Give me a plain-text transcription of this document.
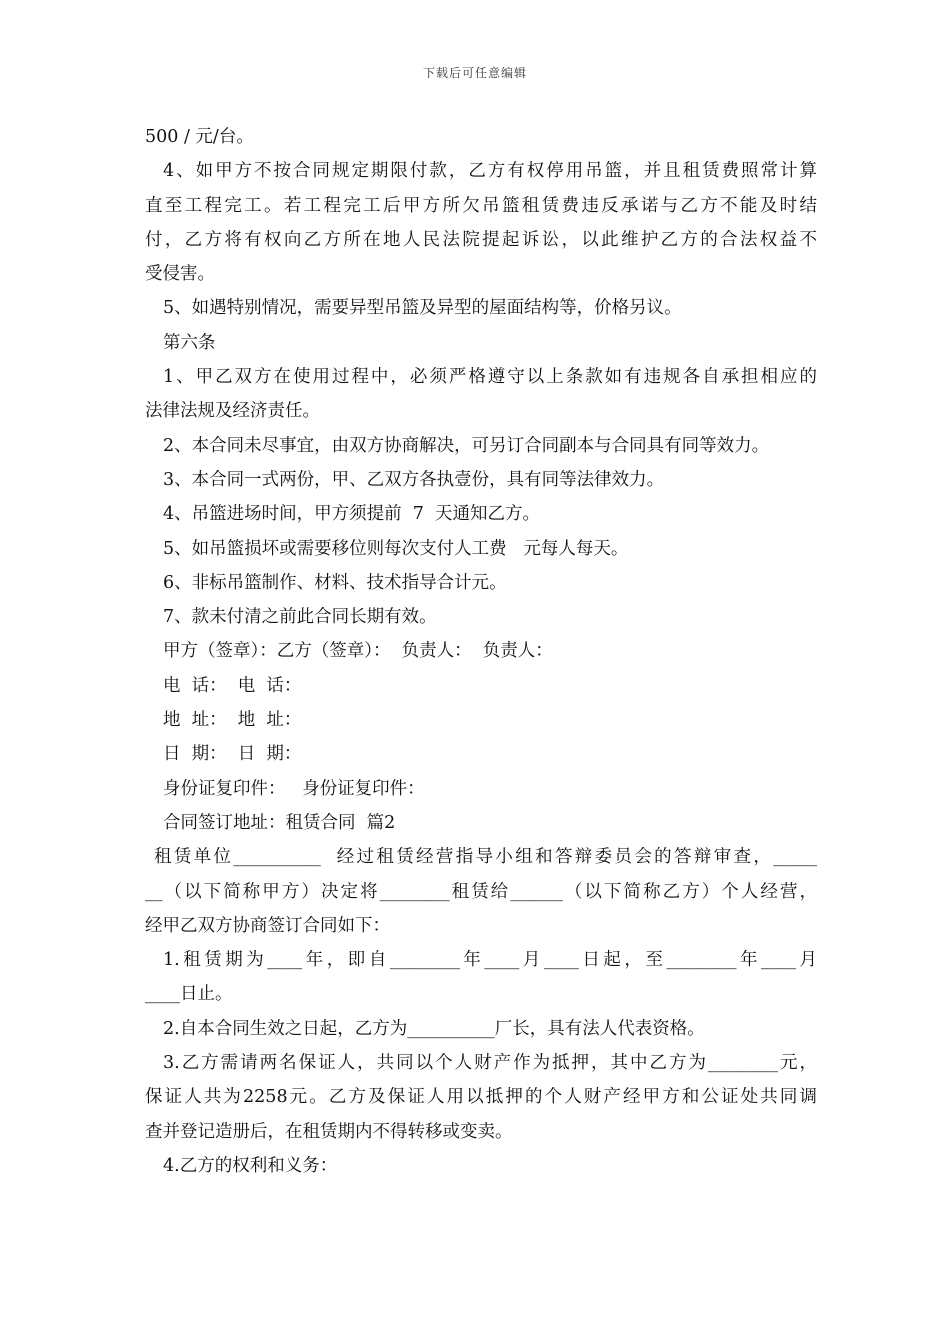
下载后可任意编辑
500 / 元/台。
4、如甲方不按合同规定期限付款，乙方有权停用吊篮，并且租赁费照常计算
直至工程完工。若工程完工后甲方所欠吊篮租赁费违反承诺与乙方不能及时结
付，乙方将有权向乙方所在地人民法院提起诉讼，以此维护乙方的合法权益不
受侵害。
5、如遇特别情况，需要异型吊篮及异型的屋面结构等，价格另议。
第六条
1、甲乙双方在使用过程中，必须严格遵守以上条款如有违规各自承担相应的
法律法规及经济责任。
2、本合同未尽事宜，由双方协商解决，可另订合同副本与合同具有同等效力。
3、本合同一式两份，甲、乙双方各执壹份，具有同等法律效力。
4、吊篮进场时间，甲方须提前  7  天通知乙方。
5、如吊篮损坏或需要移位则每次支付人工费   元每人每天。
6、非标吊篮制作、材料、技术指导合计元。
7、款未付清之前此合同长期有效。
甲方（签章）：乙方（签章）：  负责人：  负责人：
电  话：  电  话：
地  址：  地  址：
日  期：  日  期：
身份证复印件：   身份证复印件：
合同签订地址：租赁合同  篇2
租赁单位__________  经过租赁经营指导小组和答辩委员会的答辩审查，_____
__（以下简称甲方）决定将________租赁给______（以下简称乙方）个人经营，
经甲乙双方协商签订合同如下：
1.租赁期为____年，即自________年____月____日起，至________年____月
____日止。
2.自本合同生效之日起，乙方为__________厂长，具有法人代表资格。
3.乙方需请两名保证人，共同以个人财产作为抵押，其中乙方为________元，
保证人共为2258元。乙方及保证人用以抵押的个人财产经甲方和公证处共同调
查并登记造册后，在租赁期内不得转移或变卖。
4.乙方的权利和义务：
